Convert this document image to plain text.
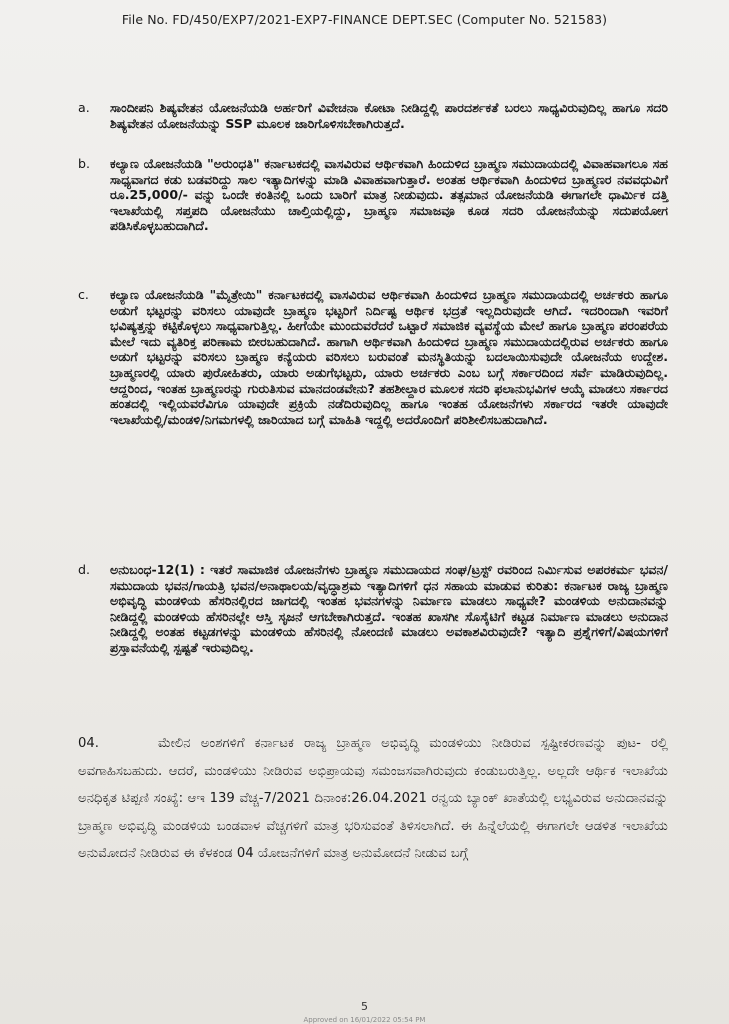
File No. FD/450/EXP7/2021-EXP7-FINANCE DEPT.SEC (Computer No. 521583)
a. ಸಾಂದೀಪನಿ ಶಿಷ್ಯವೇತನ ಯೋಜನೆಯಡಿ ಅರ್ಹರಿಗೆ ವಿವೇಚನಾ ಕೋಟಾ ನೀಡಿದ್ದಲ್ಲಿ ಪಾರದರ್ಶಕತೆ ಬರಲು ಸಾಧ್ಯವಿರುವುದಿಲ್ಲ ಹಾಗೂ ಸದರಿ ಶಿಷ್ಯವೇತನ ಯೋಜನೆಯನ್ನು SSP ಮೂಲಕ ಜಾರಿಗೊಳಿಸಬೇಕಾಗಿರುತ್ತದೆ.
b. ಕಲ್ಯಾಣ ಯೋಜನೆಯಡಿ "ಅರುಂಧತಿ" ಕರ್ನಾಟಕದಲ್ಲಿ ವಾಸವಿರುವ ಆರ್ಥಿಕವಾಗಿ ಹಿಂದುಳಿದ ಬ್ರಾಹ್ಮಣ ಸಮುದಾಯದಲ್ಲಿ ವಿವಾಹವಾಗಲೂ ಸಹ ಸಾಧ್ಯವಾಗದ ಕಡು ಬಡವರಿದ್ದು ಸಾಲ ಇತ್ಯಾದಿಗಳನ್ನು ಮಾಡಿ ವಿವಾಹವಾಗುತ್ತಾರೆ. ಅಂತಹ ಆರ್ಥಿಕವಾಗಿ ಹಿಂದುಳಿದ ಬ್ರಾಹ್ಮಣರ ನವವಧುವಿಗೆ ರೂ.25,000/- ವನ್ನು ಒಂದೇ ಕಂತಿನಲ್ಲಿ ಒಂದು ಬಾರಿಗೆ ಮಾತ್ರ ನೀಡುವುದು. ತತ್ಸಮಾನ ಯೋಜನೆಯಡಿ ಈಗಾಗಲೇ ಧಾರ್ಮಿಕ ದತ್ತಿ ಇಲಾಖೆಯಲ್ಲಿ ಸಪ್ತಪದಿ ಯೋಜನೆಯು ಚಾಲ್ತಿಯಲ್ಲಿದ್ದು, ಬ್ರಾಹ್ಮಣ ಸಮಾಜವೂ ಕೂಡ ಸದರಿ ಯೋಜನೆಯನ್ನು ಸದುಪಯೋಗ ಪಡಿಸಿಕೊಳ್ಳಬಹುದಾಗಿದೆ.
c. ಕಲ್ಯಾಣ ಯೋಜನೆಯಡಿ "ಮೈತ್ರೇಯಿ" ಕರ್ನಾಟಕದಲ್ಲಿ ವಾಸವಿರುವ ಆರ್ಥಿಕವಾಗಿ ಹಿಂದುಳಿದ ಬ್ರಾಹ್ಮಣ ಸಮುದಾಯದಲ್ಲಿ ಅರ್ಚಕರು ಹಾಗೂ ಅಡುಗೆ ಭಟ್ಟರನ್ನು ವರಿಸಲು ಯಾವುದೇ ಬ್ರಾಹ್ಮಣ ಭಟ್ಟರಿಗೆ ನಿರ್ದಿಷ್ಟ ಆರ್ಥಿಕ ಭದ್ರತೆ ಇಲ್ಲದಿರುವುದೇ ಆಗಿದೆ. ಇದರಿಂದಾಗಿ ಇವರಿಗೆ ಭವಿಷ್ಯತ್ತನ್ನು ಕಟ್ಟಿಕೊಳ್ಳಲು ಸಾಧ್ಯವಾಗುತ್ತಿಲ್ಲ. ಹೀಗೆಯೇ ಮುಂದುವರೆದರೆ ಒಟ್ಟಾರೆ ಸಮಾಜಿಕ ವ್ಯವಸ್ಥೆಯ ಮೇಲೆ ಹಾಗೂ ಬ್ರಾಹ್ಮಣ ಪರಂಪರೆಯ ಮೇಲೆ ಇದು ವ್ಯತಿರಿಕ್ತ ಪರಿಣಾಮ ಬೀರಬಹುದಾಗಿದೆ. ಹಾಗಾಗಿ ಆರ್ಥಿಕವಾಗಿ ಹಿಂದುಳಿದ ಬ್ರಾಹ್ಮಣ ಸಮುದಾಯದಲ್ಲಿರುವ ಅರ್ಚಕರು ಹಾಗೂ ಅಡುಗೆ ಭಟ್ಟರನ್ನು ವರಿಸಲು ಬ್ರಾಹ್ಮಣ ಕನ್ಯೆಯರು ವರಿಸಲು ಬರುವಂತೆ ಮನಸ್ಥಿತಿಯನ್ನು ಬದಲಾಯಿಸುವುದೇ ಯೋಜನೆಯ ಉದ್ದೇಶ. ಬ್ರಾಹ್ಮಣರಲ್ಲಿ ಯಾರು ಪುರೋಹಿತರು, ಯಾರು ಅಡುಗೆಭಟ್ಟರು, ಯಾರು ಅರ್ಚಕರು ಎಂಬ ಬಗ್ಗೆ ಸರ್ಕಾರದಿಂದ ಸರ್ವೆ ಮಾಡಿರುವುದಿಲ್ಲ. ಆದ್ದರಿಂದ, ಇಂತಹ ಬ್ರಾಹ್ಮಣರನ್ನು ಗುರುತಿಸುವ ಮಾನದಂಡವೇನು? ತಹಶೀಲ್ದಾರ ಮೂಲಕ ಸದರಿ ಫಲಾನುಭವಿಗಳ ಆಯ್ಕೆ ಮಾಡಲು ಸರ್ಕಾರದ ಹಂತದಲ್ಲಿ ಇಲ್ಲಿಯವರೆವಿಗೂ ಯಾವುದೇ ಪ್ರಕ್ರಿಯೆ ನಡೆದಿರುವುದಿಲ್ಲ ಹಾಗೂ ಇಂತಹ ಯೋಜನೆಗಳು ಸರ್ಕಾರದ ಇತರೇ ಯಾವುದೇ ಇಲಾಖೆಯಲ್ಲಿ/ಮಂಡಳಿ/ನಿಗಮಗಳಲ್ಲಿ ಜಾರಿಯಾದ ಬಗ್ಗೆ ಮಾಹಿತಿ ಇದ್ದಲ್ಲಿ ಅದರೊಂದಿಗೆ ಪರಿಶೀಲಿಸಬಹುದಾಗಿದೆ.
d. ಅನುಬಂಧ-12(1) : ಇತರೆ ಸಾಮಾಜಿಕ ಯೋಜನೆಗಳು ಬ್ರಾಹ್ಮಣ ಸಮುದಾಯದ ಸಂಘ/ಟ್ರಸ್ಟ್ ರವರಿಂದ ನಿರ್ಮಿಸುವ ಅಪರಕರ್ಮ ಭವನ/ಸಮುದಾಯ ಭವನ/ಗಾಯತ್ರಿ ಭವನ/ಅನಾಥಾಲಯ/ವೃದ್ಧಾಶ್ರಮ ಇತ್ಯಾದಿಗಳಿಗೆ ಧನ ಸಹಾಯ ಮಾಡುವ ಕುರಿತು: ಕರ್ನಾಟಕ ರಾಜ್ಯ ಬ್ರಾಹ್ಮಣ ಅಭಿವೃದ್ಧಿ ಮಂಡಳಿಯ ಹೆಸರಿನಲ್ಲಿರದ ಜಾಗದಲ್ಲಿ ಇಂತಹ ಭವನಗಳನ್ನು ನಿರ್ಮಾಣ ಮಾಡಲು ಸಾಧ್ಯವೇ? ಮಂಡಳಿಯ ಅನುದಾನವನ್ನು ನೀಡಿದ್ದಲ್ಲಿ ಮಂಡಳಿಯ ಹೆಸರಿನಲ್ಲೇ ಆಸ್ತಿ ಸೃಜನೆ ಆಗಬೇಕಾಗಿರುತ್ತದೆ. ಇಂತಹ ಖಾಸಗೀ ಸೊಸೈಟಿಗೆ ಕಟ್ಟಡ ನಿರ್ಮಾಣ ಮಾಡಲು ಅನುದಾನ ನೀಡಿದ್ದಲ್ಲಿ ಅಂತಹ ಕಟ್ಟಡಗಳನ್ನು ಮಂಡಳಿಯ ಹೆಸರಿನಲ್ಲಿ ನೋಂದಣಿ ಮಾಡಲು ಅವಕಾಶವಿರುವುದೇ? ಇತ್ಯಾದಿ ಪ್ರಶ್ನೆಗಳಿಗೆ/ವಿಷಯಗಳಿಗೆ ಪ್ರಸ್ತಾವನೆಯಲ್ಲಿ ಸ್ಪಷ್ಟತೆ ಇರುವುದಿಲ್ಲ.
04.	ಮೇಲಿನ ಅಂಶಗಳಿಗೆ ಕರ್ನಾಟಕ ರಾಜ್ಯ ಬ್ರಾಹ್ಮಣ ಅಭಿವೃದ್ಧಿ ಮಂಡಳಿಯು ನೀಡಿರುವ ಸ್ಪಷ್ಟೀಕರಣವನ್ನು ಪುಟ- ರಲ್ಲಿ ಅವಗಾಹಿಸಬಹುದು. ಆದರೆ, ಮಂಡಳಿಯು ನೀಡಿರುವ ಅಭಿಪ್ರಾಯವು ಸಮಂಜಸವಾಗಿರುವುದು ಕಂಡುಬರುತ್ತಿಲ್ಲ. ಅಲ್ಲದೇ ಆರ್ಥಿಕ ಇಲಾಖೆಯ ಅನಧಿಕೃತ ಟಿಪ್ಪಣಿ ಸಂಖ್ಯೆ: ಆಇ 139 ವೆಚ್ಚ-7/2021 ದಿನಾಂಕ:26.04.2021 ರನ್ವಯ ಬ್ಯಾಂಕ್ ಖಾತೆಯಲ್ಲಿ ಲಭ್ಯವಿರುವ ಅನುದಾನವನ್ನು ಬ್ರಾಹ್ಮಣ ಅಭಿವೃದ್ಧಿ ಮಂಡಳಿಯ ಬಂಡವಾಳ ವೆಚ್ಚಗಳಿಗೆ ಮಾತ್ರ ಭರಿಸುವಂತೆ ತಿಳಿಸಲಾಗಿದೆ. ಈ ಹಿನ್ನೆಲೆಯಲ್ಲಿ ಈಗಾಗಲೇ ಆಡಳಿತ ಇಲಾಖೆಯ ಅನುಮೋದನೆ ನೀಡಿರುವ ಈ ಕೆಳಕಂಡ 04 ಯೋಜನೆಗಳಿಗೆ ಮಾತ್ರ ಅನುಮೋದನೆ ನೀಡುವ ಬಗ್ಗೆ
5
Approved on 16/01/2022 05:54 PM
